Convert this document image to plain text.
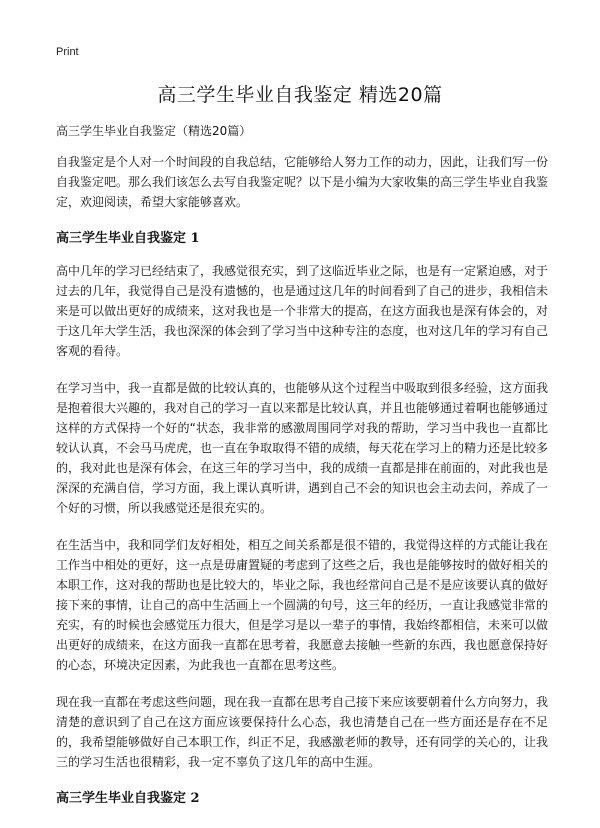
Print
高三学生毕业自我鉴定 精选20篇
高三学生毕业自我鉴定（精选20篇）

自我鉴定是个人对一个时间段的自我总结，它能够给人努力工作的动力，因此，让我们写一份自我鉴定吧。那么我们该怎么去写自我鉴定呢？以下是小编为大家收集的高三学生毕业自我鉴定，欢迎阅读，希望大家能够喜欢。

高三学生毕业自我鉴定 1

高中几年的学习已经结束了，我感觉很充实，到了这临近毕业之际，也是有一定紧迫感，对于过去的几年，我觉得自己是没有遗憾的，也是通过这几年的时间看到了自己的进步，我相信未来是可以做出更好的成绩来，这对我也是一个非常大的提高，在这方面我也是深有体会的，对于这几年大学生活，我也深深的体会到了学习当中这种专注的态度，也对这几年的学习有自己客观的看待。

在学习当中，我一直都是做的比较认真的，也能够从这个过程当中吸取到很多经验，这方面我是抱着很大兴趣的，我对自己的学习一直以来都是比较认真，并且也能够通过着啊也能够通过这样的方式保持一个好的“状态，我非常的感激周围同学对我的帮助，学习当中我也一直都比较认认真，不会马马虎虎，也一直在争取取得不错的成绩，每天花在学习上的精力还是比较多的，我对此也是深有体会，在这三年的学习当中，我的成绩一直都是排在前面的，对此我也是深深的充满自信，学习方面，我上课认真听讲，遇到自己不会的知识也会主动去问，养成了一个好的习惯，所以我感觉还是很充实的。

在生活当中，我和同学们友好相处，相互之间关系都是很不错的，我觉得这样的方式能让我在工作当中相处的更好，这一点是毋庸置疑的考虑到了这些之后，我也是能够按时的做好相关的本职工作，这对我的帮助也是比较大的，毕业之际，我也经常问自己是不是应该要认真的做好接下来的事情，让自己的高中生活画上一个圆满的句号，这三年的经历，一直让我感觉非常的充实，有的时候也会感觉压力很大，但是学习是以一辈子的事情，我始终都相信，未来可以做出更好的成绩来，在这方面我一直都在思考着，我愿意去接触一些新的东西，我也愿意保持好的心态，环境决定因素，为此我也一直都在思考这些。

现在我一直都在考虑这些问题，现在我一直都在思考自己接下来应该要朝着什么方向努力，我清楚的意识到了自己在这方面应该要保持什么心态，我也清楚自己在一些方面还是存在不足的，我希望能够做好自己本职工作，纠正不足，我感激老师的教导，还有同学的关心的，让我三的学习生活也很精彩，我一定不辜负了这几年的高中生涯。

高三学生毕业自我鉴定 2
